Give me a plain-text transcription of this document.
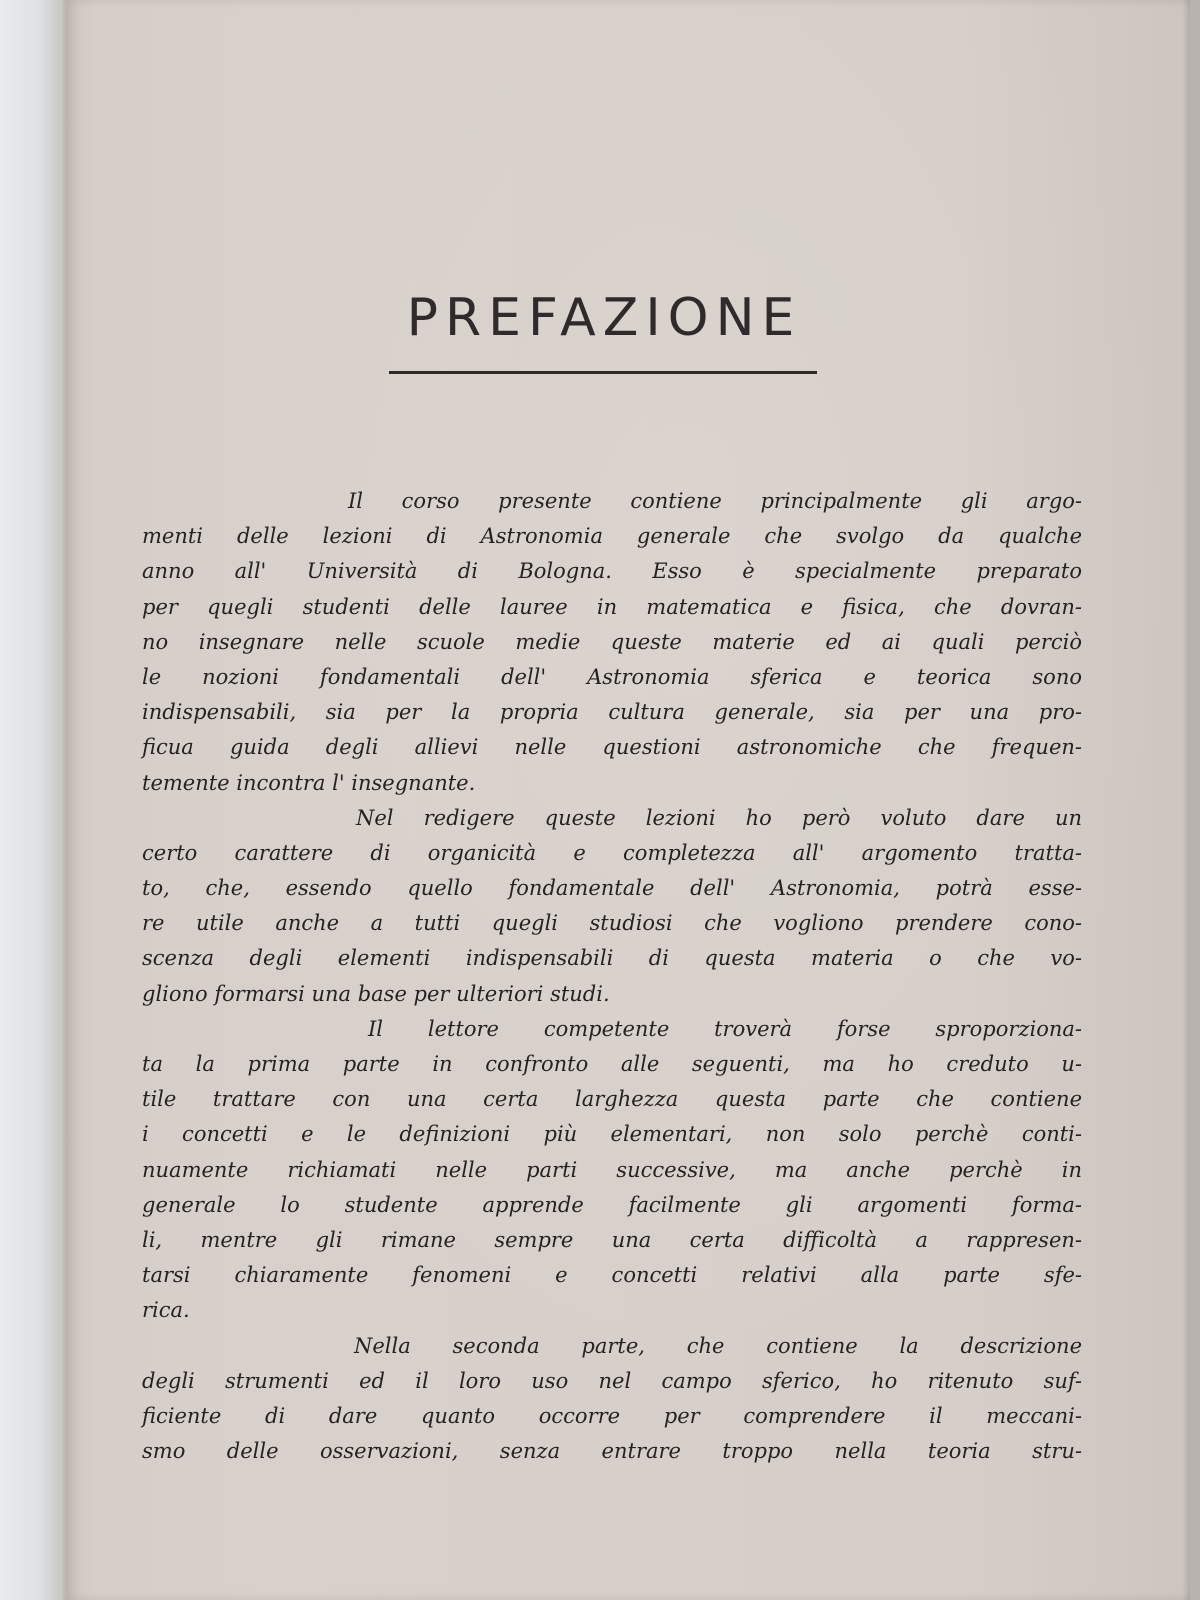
PREFAZIONE
Il corso presente contiene principalmente gli argo-
menti delle lezioni di Astronomia generale che svolgo da qualche
anno all' Università di Bologna. Esso è specialmente preparato
per quegli studenti delle lauree in matematica e fisica, che dovran-
no insegnare nelle scuole medie queste materie ed ai quali perciò
le nozioni fondamentali dell' Astronomia sferica e teorica sono
indispensabili, sia per la propria cultura generale, sia per una pro-
ficua guida degli allievi nelle questioni astronomiche che frequen-
temente incontra l' insegnante.
Nel redigere queste lezioni ho però voluto dare un
certo carattere di organicità e completezza all' argomento tratta-
to, che, essendo quello fondamentale dell' Astronomia, potrà esse-
re utile anche a tutti quegli studiosi che vogliono prendere cono-
scenza degli elementi indispensabili di questa materia o che vo-
gliono formarsi una base per ulteriori studi.
Il lettore competente troverà forse sproporziona-
ta la prima parte in confronto alle seguenti, ma ho creduto u-
tile trattare con una certa larghezza questa parte che contiene
i concetti e le definizioni più elementari, non solo perchè conti-
nuamente richiamati nelle parti successive, ma anche perchè in
generale lo studente apprende facilmente gli argomenti forma-
li, mentre gli rimane sempre una certa difficoltà a rappresen-
tarsi chiaramente fenomeni e concetti relativi alla parte sfe-
rica.
Nella seconda parte, che contiene la descrizione
degli strumenti ed il loro uso nel campo sferico, ho ritenuto suf-
ficiente di dare quanto occorre per comprendere il meccani-
smo delle osservazioni, senza entrare troppo nella teoria stru-
